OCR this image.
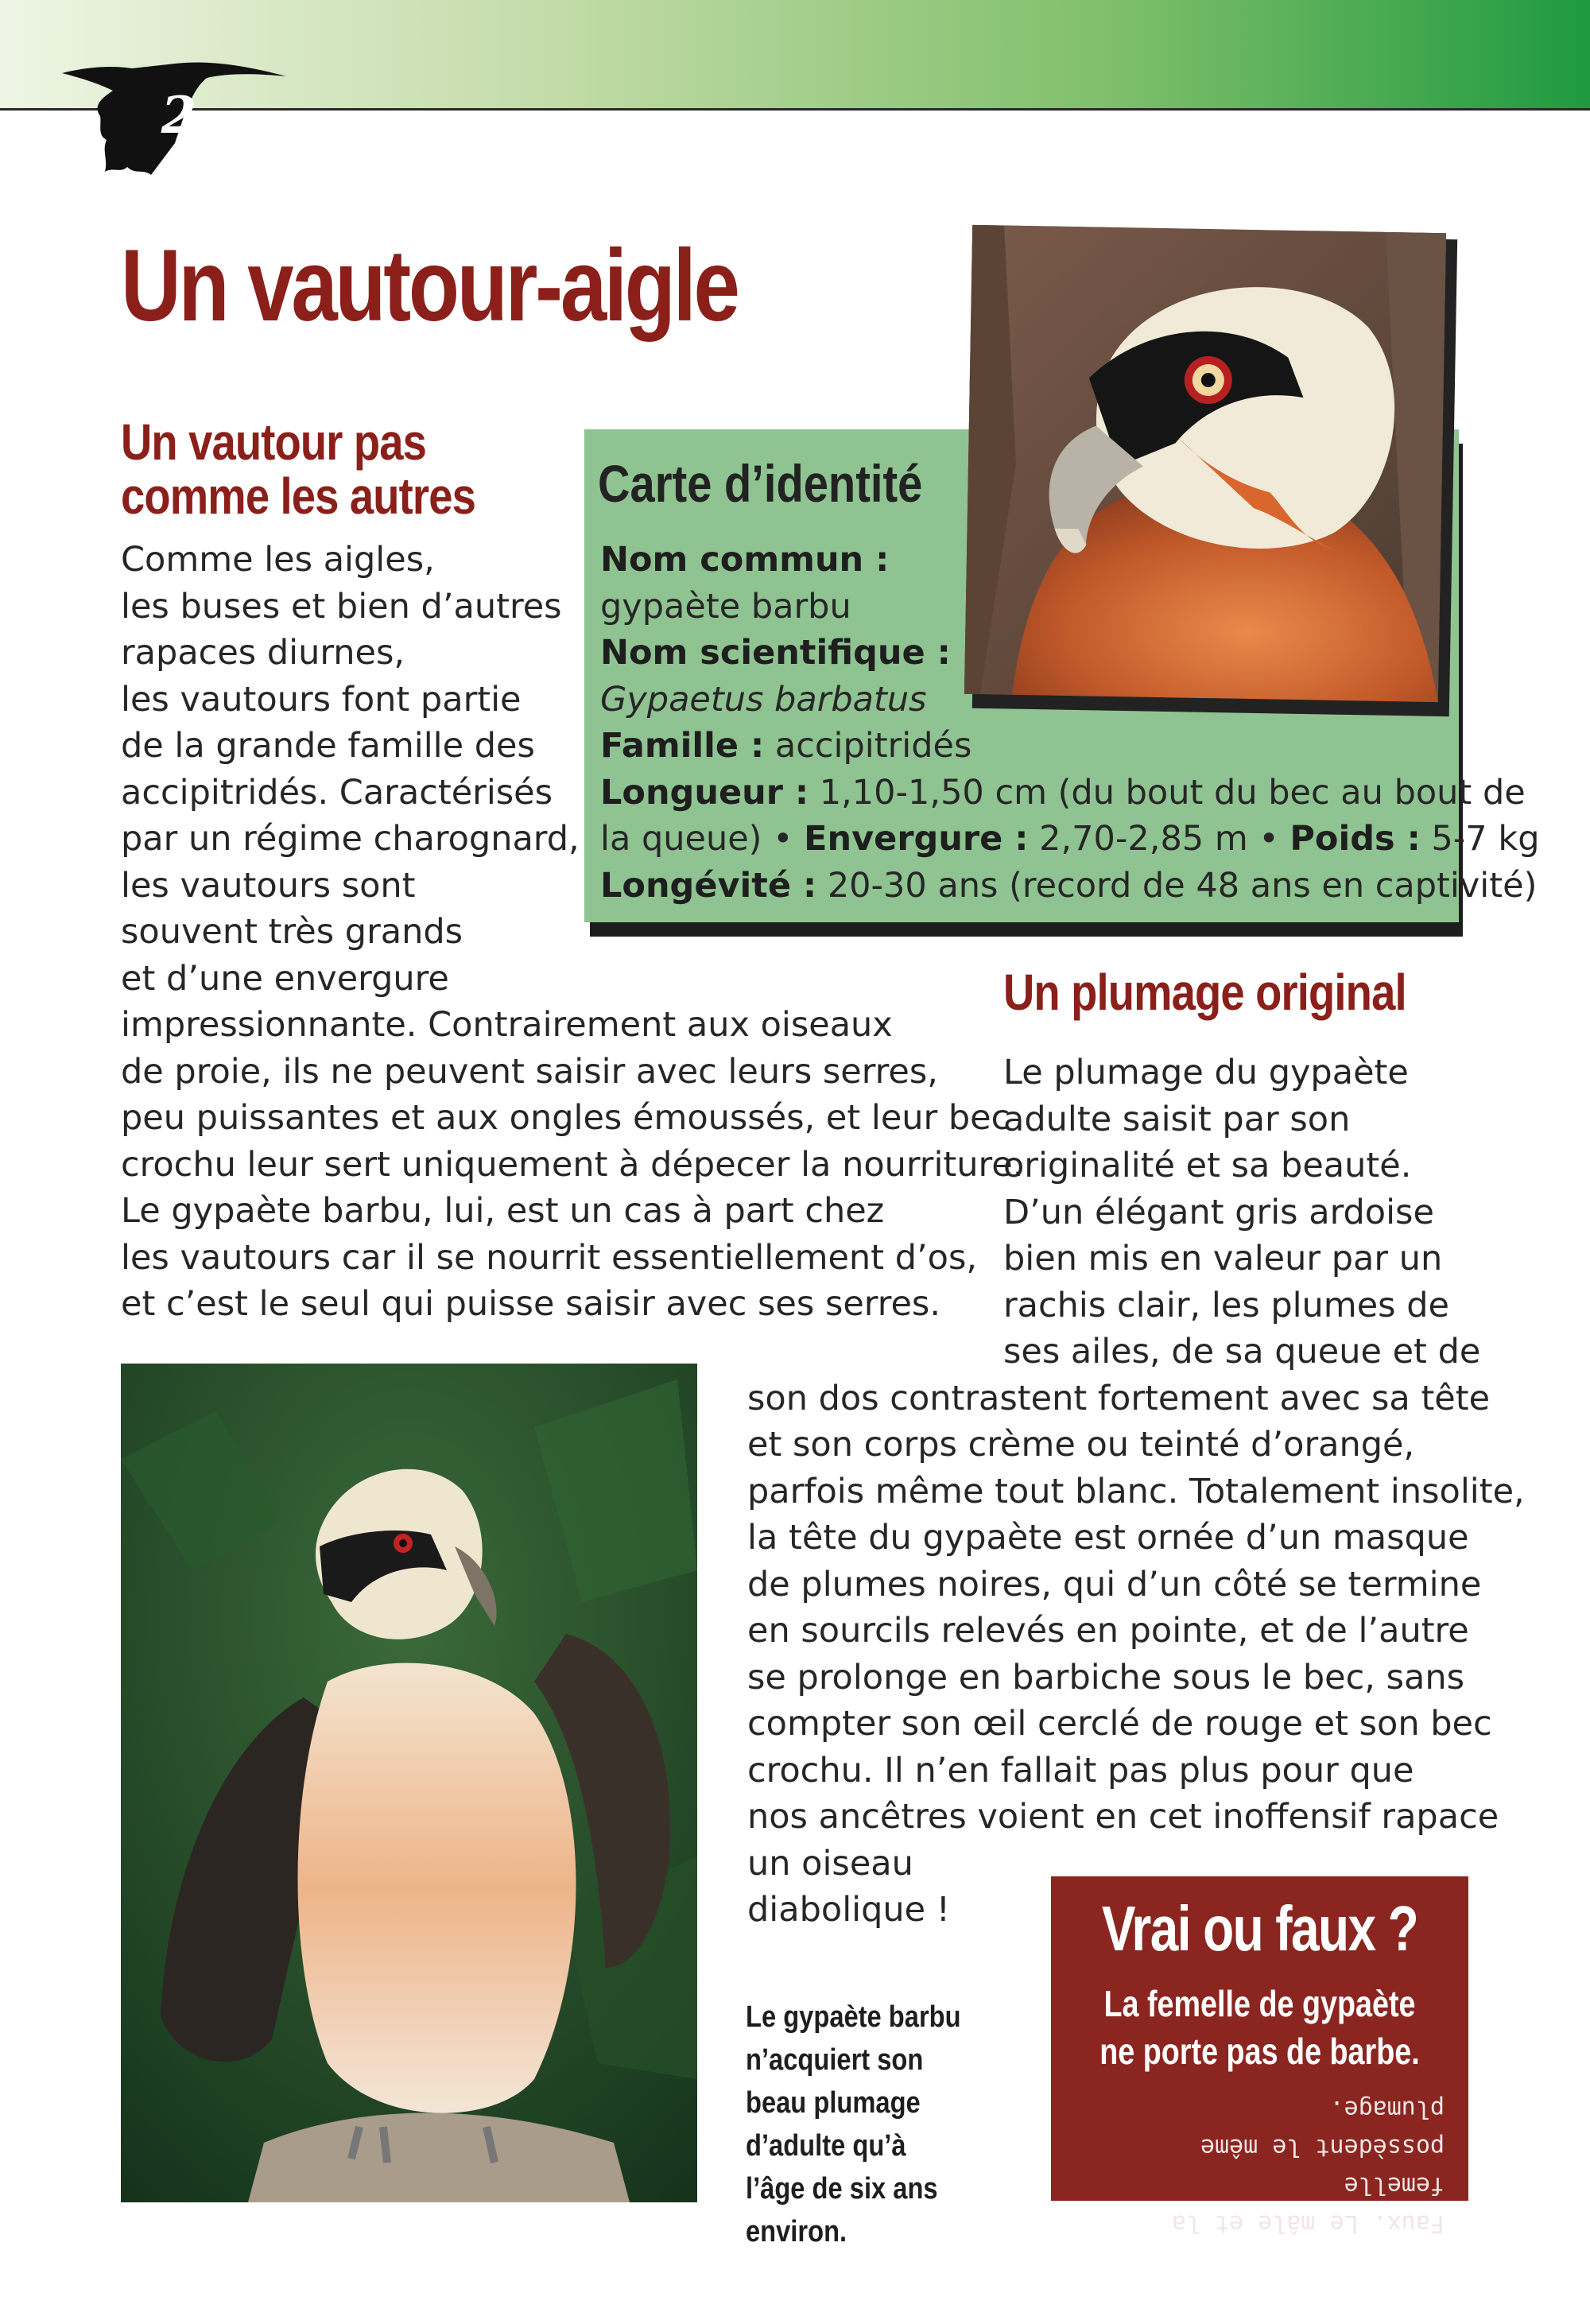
2
Un vautour-aigle
Un vautour pas
comme les autres	Carte d’identité
Nom commun :
gypaète barbu
Nom scientifique :
Gypaetus barbatus
Famille : accipitridés
Longueur : 1,10-1,50 cm (du bout du bec au bout de
la queue) • Envergure : 2,70-2,85 m • Poids : 5-7 kg
Longévité : 20-30 ans (record de 48 ans en captivité)
Comme les aigles,
les buses et bien d’autres
rapaces diurnes,
les vautours font partie
de la grande famille des
accipitridés. Caractérisés
par un régime charognard,
les vautours sont
souvent très grands
et d’une envergure
impressionnante. Contrairement aux oiseaux
de proie, ils ne peuvent saisir avec leurs serres,
peu puissantes et aux ongles émoussés, et leur bec
crochu leur sert uniquement à dépecer la nourriture.
Le gypaète barbu, lui, est un cas à part chez
les vautours car il se nourrit essentiellement d’os,
et c’est le seul qui puisse saisir avec ses serres.
Un plumage original
Le plumage du gypaète
adulte saisit par son
originalité et sa beauté.
D’un élégant gris ardoise
bien mis en valeur par un
rachis clair, les plumes de
ses ailes, de sa queue et de
son dos contrastent fortement avec sa tête
et son corps crème ou teinté d’orangé,
parfois même tout blanc. Totalement insolite,
la tête du gypaète est ornée d’un masque
de plumes noires, qui d’un côté se termine
en sourcils relevés en pointe, et de l’autre
se prolonge en barbiche sous le bec, sans
compter son œil cerclé de rouge et son bec
crochu. Il n’en fallait pas plus pour que
nos ancêtres voient en cet inoffensif rapace
un oiseau
diabolique !

Le gypaète barbu n’acquiert son beau plumage d’adulte qu’à l’âge de six ans environ.

Vrai ou faux ?

La femelle de gypaète
ne porte pas de barbe.

Faux. Le mâle et la femelle
possèdent le même plumage.
